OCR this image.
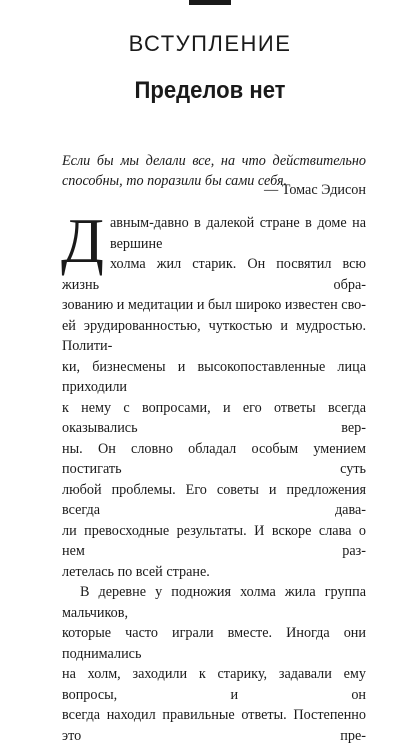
ВСТУПЛЕНИЕ
Пределов нет
Если бы мы делали все, на что действительно способны, то поразили бы сами себя.
— Томас Эдисон
Д авным-давно в далекой стране в доме на вершине
холма жил старик. Он посвятил всю жизнь обра-
зованию и медитации и был широко известен сво-
ей эрудированностью, чуткостью и мудростью. Полити-
ки, бизнесмены и высокопоставленные лица приходили
к нему с вопросами, и его ответы всегда оказывались вер-
ны. Он словно обладал особым умением постигать суть
любой проблемы. Его советы и предложения всегда дава-
ли превосходные результаты. И вскоре слава о нем раз-
летелась по всей стране.
В деревне у подножия холма жила группа мальчиков,
которые часто играли вместе. Иногда они поднимались
на холм, заходили к старику, задавали ему вопросы, и он
всегда находил правильные ответы. Постепенно это пре-
